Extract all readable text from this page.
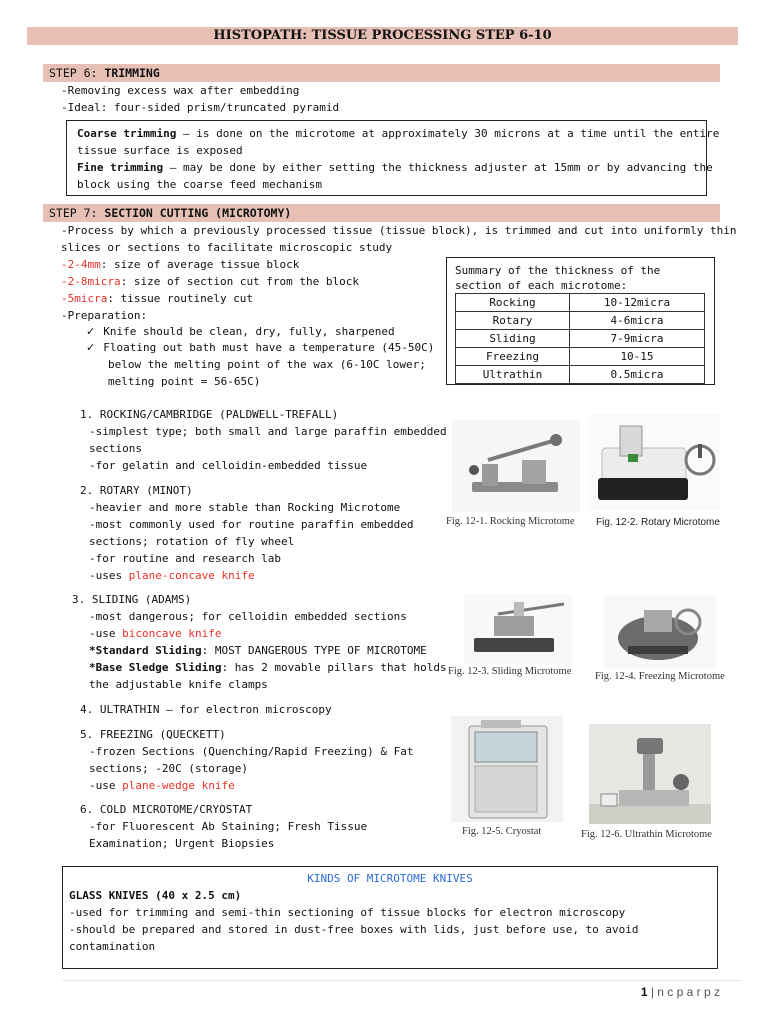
HISTOPATH: TISSUE PROCESSING STEP 6-10
STEP 6: TRIMMING
-Removing excess wax after embedding
-Ideal: four-sided prism/truncated pyramid
Coarse trimming – is done on the microtome at approximately 30 microns at a time until the entire
tissue surface is exposed
Fine trimming – may be done by either setting the thickness adjuster at 15mm or by advancing the
block using the coarse feed mechanism
STEP 7: SECTION CUTTING (MICROTOMY)
-Process by which a previously processed tissue (tissue block), is trimmed and cut into uniformly thin
slices or sections to facilitate microscopic study
-2-4mm: size of average tissue block
-2-8micra: size of section cut from the block
-5micra: tissue routinely cut
-Preparation:
✓ Knife should be clean, dry, fully, sharpened
✓ Floating out bath must have a temperature (45-50C)
below the melting point of the wax (6-10C lower;
melting point = 56-65C)
Summary of the thickness of the
section of each microtome:
Rocking	10-12micra
Rotary	4-6micra
Sliding	7-9micra
Freezing	10-15
Ultrathin	0.5micra
1. ROCKING/CAMBRIDGE (PALDWELL-TREFALL)
-simplest type; both small and large paraffin embedded
sections
-for gelatin and celloidin-embedded tissue
2. ROTARY (MINOT)
-heavier and more stable than Rocking Microtome
-most commonly used for routine paraffin embedded
sections; rotation of fly wheel
-for routine and research lab
-uses plane-concave knife
3. SLIDING (ADAMS)
-most dangerous; for celloidin embedded sections
-use biconcave knife
*Standard Sliding: MOST DANGEROUS TYPE OF MICROTOME
*Base Sledge Sliding: has 2 movable pillars that holds
the adjustable knife clamps
4. ULTRATHIN – for electron microscopy
5. FREEZING (QUECKETT)
-frozen Sections (Quenching/Rapid Freezing) & Fat
sections; -20C (storage)
-use plane-wedge knife
6. COLD MICROTOME/CRYOSTAT
-for Fluorescent Ab Staining; Fresh Tissue
Examination; Urgent Biopsies
Fig. 12-1. Rocking Microtome Fig. 12-2. Rotary Microtome
Fig. 12-3. Sliding Microtome Fig. 12-4. Freezing Microtome
Fig. 12-5. Cryostat	Fig. 12-6. Ultrathin Microtome
KINDS OF MICROTOME KNIVES
GLASS KNIVES (40 x 2.5 cm)
-used for trimming and semi-thin sectioning of tissue blocks for electron microscopy
-should be prepared and stored in dust-free boxes with lids, just before use, to avoid
contamination
1 | n c p a r p z
